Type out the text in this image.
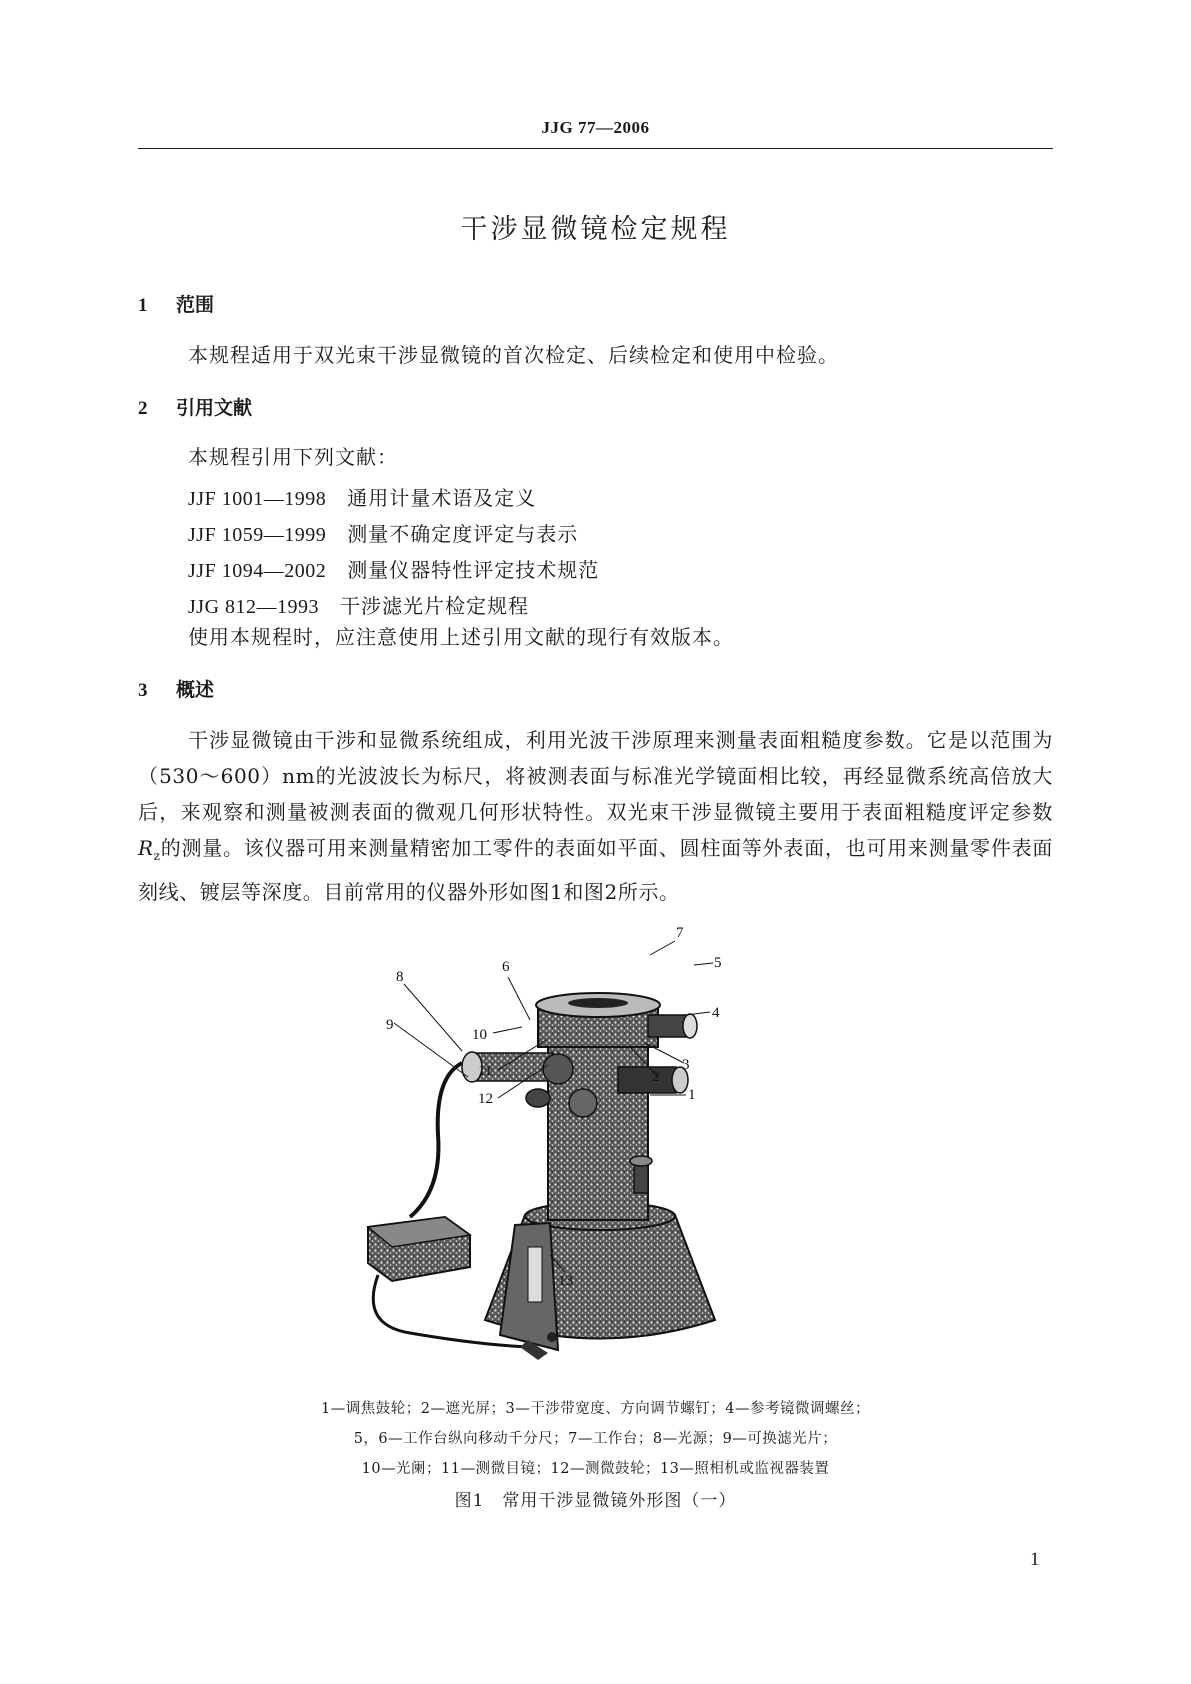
JJG 77—2006
干涉显微镜检定规程
1 范围
本规程适用于双光束干涉显微镜的首次检定、后续检定和使用中检验。
2 引用文献
本规程引用下列文献：
JJF 1001—1998　 通用计量术语及定义
JJF 1059—1999　 测量不确定度评定与表示
JJF 1094—2002　 测量仪器特性评定技术规范
JJG 812—1993　 干涉滤光片检定规程
使用本规程时，应注意使用上述引用文献的现行有效版本。
3 概述
干涉显微镜由干涉和显微系统组成，利用光波干涉原理来测量表面粗糙度参数。它是以范围为（530～600）nm的光波波长为标尺，将被测表面与标准光学镜面相比较，再经显微系统高倍放大后，来观察和测量被测表面的微观几何形状特性。双光束干涉显微镜主要用于表面粗糙度评定参数 $R_z$的测量。该仪器可用来测量精密加工零件的表面如平面、圆柱面等外表面，也可用来测量零件表面刻线、镀层等深度。目前常用的仪器外形如图1和图2所示。
1
2
3
4
5
6
7
8
9
10
11
12
13
1—调焦鼓轮；2—遮光屏；3—干涉带宽度、方向调节螺钉；4—参考镜微调螺丝；
5，6—工作台纵向移动千分尺；7—工作台；8—光源；9—可换滤光片；
10—光阑；11—测微目镜；12—测微鼓轮；13—照相机或监视器装置
图1　常用干涉显微镜外形图（一）
1
